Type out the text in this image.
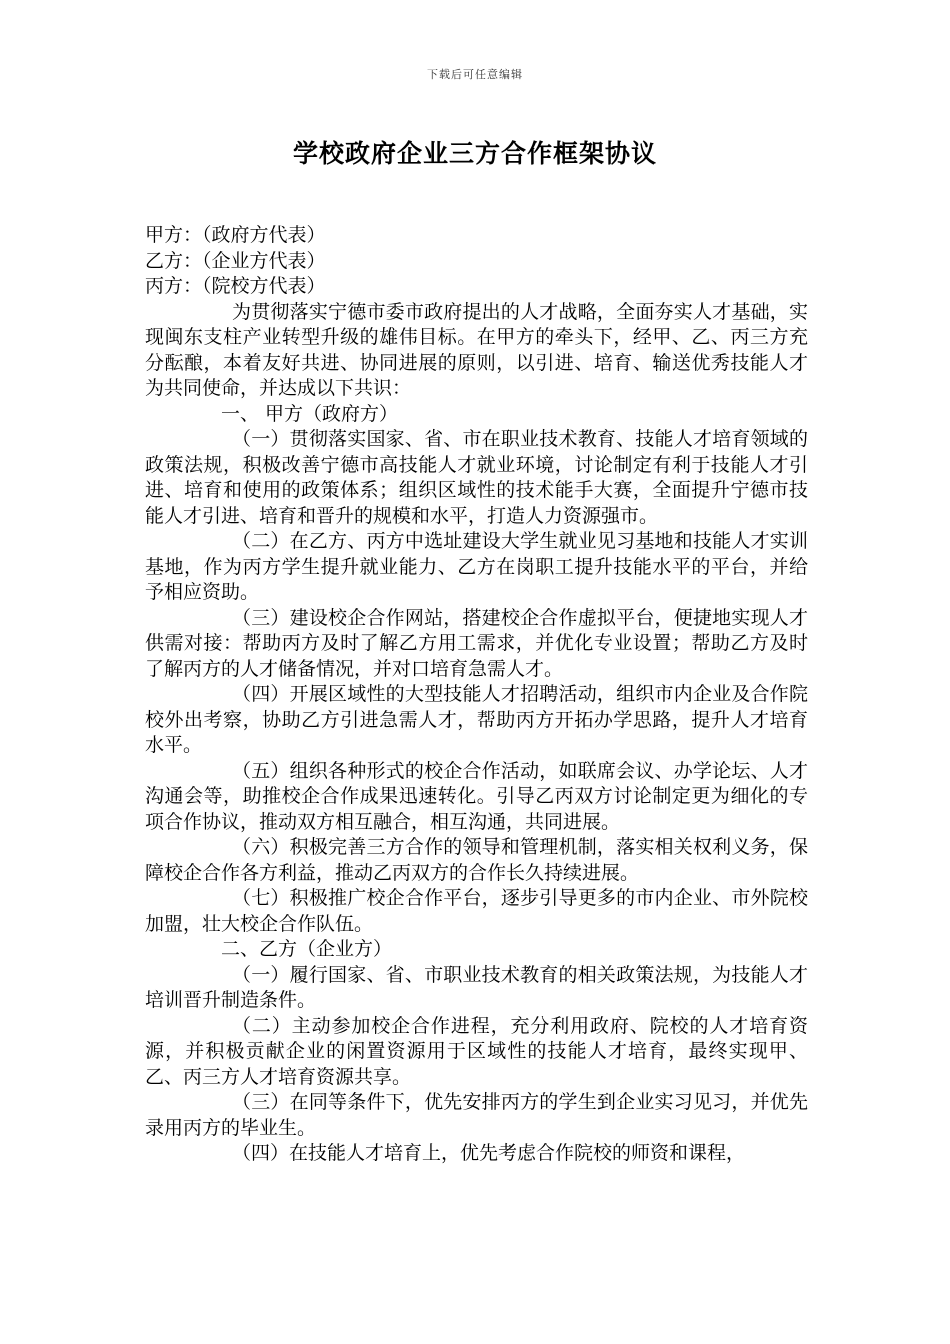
下载后可任意编辑
学校政府企业三方合作框架协议
甲方：（政府方代表）
乙方：（企业方代表）
丙方：（院校方代表）

为贯彻落实宁德市委市政府提出的人才战略，全面夯实人才基础，实现闽东支柱产业转型升级的雄伟目标。在甲方的牵头下，经甲、乙、丙三方充分酝酿，本着友好共进、协同进展的原则，以引进、培育、输送优秀技能人才为共同使命，并达成以下共识：

一、 甲方（政府方）

（一）贯彻落实国家、省、市在职业技术教育、技能人才培育领域的政策法规，积极改善宁德市高技能人才就业环境，讨论制定有利于技能人才引进、培育和使用的政策体系；组织区域性的技术能手大赛，全面提升宁德市技能人才引进、培育和晋升的规模和水平，打造人力资源强市。

（二）在乙方、丙方中选址建设大学生就业见习基地和技能人才实训基地，作为丙方学生提升就业能力、乙方在岗职工提升技能水平的平台，并给予相应资助。

（三）建设校企合作网站，搭建校企合作虚拟平台，便捷地实现人才供需对接：帮助丙方及时了解乙方用工需求，并优化专业设置；帮助乙方及时了解丙方的人才储备情况，并对口培育急需人才。

（四）开展区域性的大型技能人才招聘活动，组织市内企业及合作院校外出考察，协助乙方引进急需人才，帮助丙方开拓办学思路，提升人才培育水平。

（五）组织各种形式的校企合作活动，如联席会议、办学论坛、人才沟通会等，助推校企合作成果迅速转化。引导乙丙双方讨论制定更为细化的专项合作协议，推动双方相互融合，相互沟通，共同进展。

（六）积极完善三方合作的领导和管理机制，落实相关权利义务，保障校企合作各方利益，推动乙丙双方的合作长久持续进展。

（七）积极推广校企合作平台，逐步引导更多的市内企业、市外院校加盟，壮大校企合作队伍。

二、乙方（企业方）

（一）履行国家、省、市职业技术教育的相关政策法规，为技能人才培训晋升制造条件。

（二）主动参加校企合作进程，充分利用政府、院校的人才培育资源，并积极贡献企业的闲置资源用于区域性的技能人才培育，最终实现甲、乙、丙三方人才培育资源共享。

（三）在同等条件下，优先安排丙方的学生到企业实习见习，并优先录用丙方的毕业生。

（四）在技能人才培育上，优先考虑合作院校的师资和课程，
